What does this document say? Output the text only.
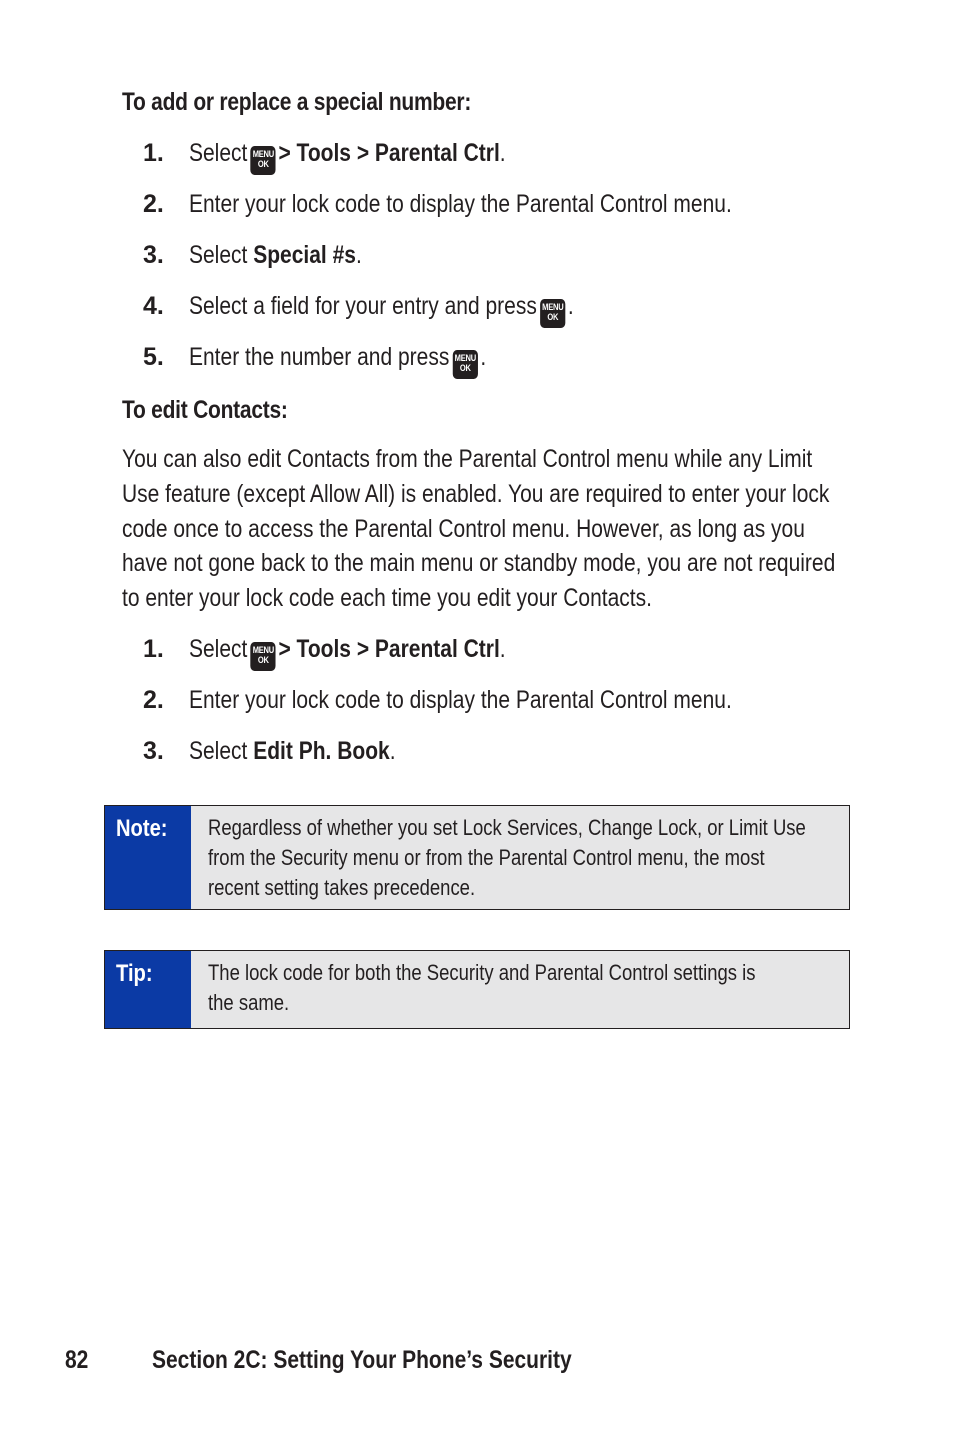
To add or replace a special number:
1. Select MENU
OK > Tools > Parental Ctrl.
2. Enter your lock code to display the Parental Control menu.
3. Select Special #s.
4. Select a field for your entry and press MENU
OK .
5. Enter the number and press MENU
OK .
To edit Contacts:
You can also edit Contacts from the Parental Control menu while any Limit
Use feature (except Allow All) is enabled. You are required to enter your lock
code once to access the Parental Control menu. However, as long as you
have not gone back to the main menu or standby mode, you are not required
to enter your lock code each time you edit your Contacts.
1. Select MENU
OK > Tools > Parental Ctrl.
2. Enter your lock code to display the Parental Control menu.
3. Select Edit Ph. Book.
Note: Regardless of whether you set Lock Services, Change Lock, or Limit Use
from the Security menu or from the Parental Control menu, the most
recent setting takes precedence.
Tip:	The lock code for both the Security and Parental Control settings is
the same.
82	Section 2C: Setting Your Phone’s Security
